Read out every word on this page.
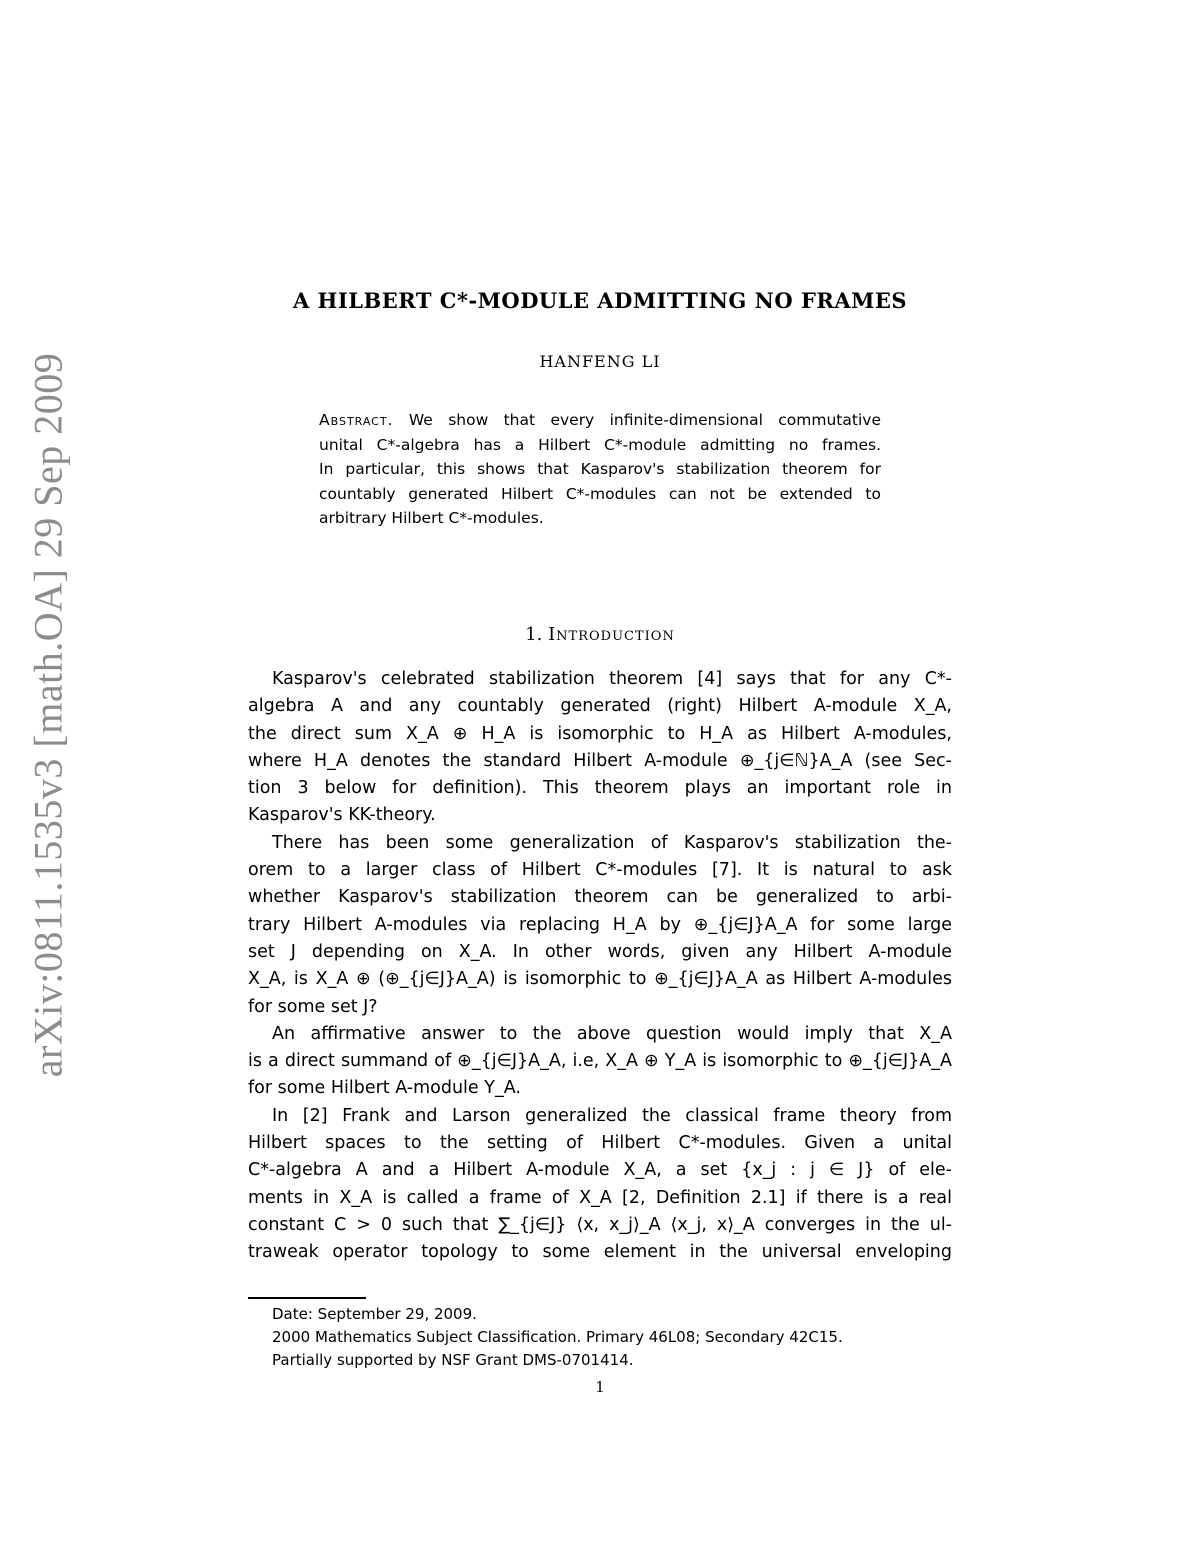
arXiv:0811.1535v3 [math.OA] 29 Sep 2009
A HILBERT C*-MODULE ADMITTING NO FRAMES
HANFENG LI
Abstract. We show that every infinite-dimensional commutative
unital C*-algebra has a Hilbert C*-module admitting no frames.
In particular, this shows that Kasparov's stabilization theorem for
countably generated Hilbert C*-modules can not be extended to
arbitrary Hilbert C*-modules.
1. Introduction
Kasparov's celebrated stabilization theorem [4] says that for any C*-
algebra A and any countably generated (right) Hilbert A-module X_A,
the direct sum X_A ⊕ H_A is isomorphic to H_A as Hilbert A-modules,
where H_A denotes the standard Hilbert A-module ⊕_{j∈ℕ}A_A (see Sec-
tion 3 below for definition). This theorem plays an important role in
Kasparov's KK-theory.
There has been some generalization of Kasparov's stabilization the-
orem to a larger class of Hilbert C*-modules [7]. It is natural to ask
whether Kasparov's stabilization theorem can be generalized to arbi-
trary Hilbert A-modules via replacing H_A by ⊕_{j∈J}A_A for some large
set J depending on X_A. In other words, given any Hilbert A-module
X_A, is X_A ⊕ (⊕_{j∈J}A_A) is isomorphic to ⊕_{j∈J}A_A as Hilbert A-modules
for some set J?
An affirmative answer to the above question would imply that X_A
is a direct summand of ⊕_{j∈J}A_A, i.e, X_A ⊕ Y_A is isomorphic to ⊕_{j∈J}A_A
for some Hilbert A-module Y_A.
In [2] Frank and Larson generalized the classical frame theory from
Hilbert spaces to the setting of Hilbert C*-modules. Given a unital
C*-algebra A and a Hilbert A-module X_A, a set {x_j : j ∈ J} of ele-
ments in X_A is called a frame of X_A [2, Definition 2.1] if there is a real
constant C > 0 such that ∑_{j∈J} ⟨x, x_j⟩_A ⟨x_j, x⟩_A converges in the ul-
traweak operator topology to some element in the universal enveloping
Date: September 29, 2009.
2000 Mathematics Subject Classification. Primary 46L08; Secondary 42C15.
Partially supported by NSF Grant DMS-0701414.
1
